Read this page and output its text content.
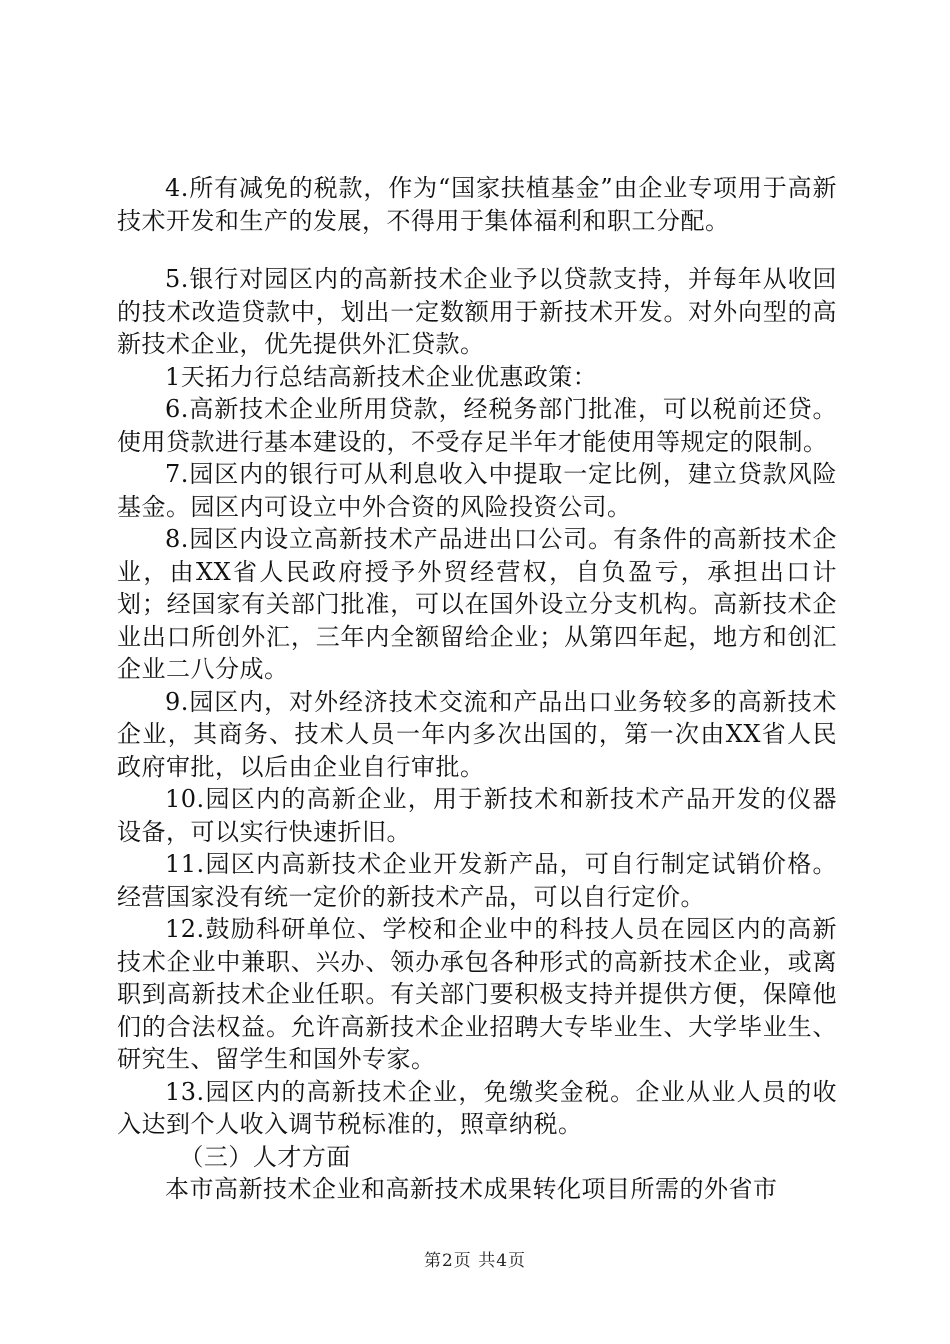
4.所有减免的税款，作为“国家扶植基金”由企业专项用于高新技术开发和生产的发展，不得用于集体福利和职工分配。

5.银行对园区内的高新技术企业予以贷款支持，并每年从收回的技术改造贷款中，划出一定数额用于新技术开发。对外向型的高新技术企业，优先提供外汇贷款。

1天拓力行总结高新技术企业优惠政策：

6.高新技术企业所用贷款，经税务部门批准，可以税前还贷。使用贷款进行基本建设的，不受存足半年才能使用等规定的限制。

7.园区内的银行可从利息收入中提取一定比例，建立贷款风险基金。园区内可设立中外合资的风险投资公司。

8.园区内设立高新技术产品进出口公司。有条件的高新技术企业，由XX省人民政府授予外贸经营权，自负盈亏，承担出口计划；经国家有关部门批准，可以在国外设立分支机构。高新技术企业出口所创外汇，三年内全额留给企业；从第四年起，地方和创汇企业二八分成。

9.园区内，对外经济技术交流和产品出口业务较多的高新技术企业，其商务、技术人员一年内多次出国的，第一次由XX省人民政府审批，以后由企业自行审批。

10.园区内的高新企业，用于新技术和新技术产品开发的仪器设备，可以实行快速折旧。

11.园区内高新技术企业开发新产品，可自行制定试销价格。经营国家没有统一定价的新技术产品，可以自行定价。

12.鼓励科研单位、学校和企业中的科技人员在园区内的高新技术企业中兼职、兴办、领办承包各种形式的高新技术企业，或离职到高新技术企业任职。有关部门要积极支持并提供方便，保障他们的合法权益。允许高新技术企业招聘大专毕业生、大学毕业生、研究生、留学生和国外专家。

13.园区内的高新技术企业，免缴奖金税。企业从业人员的收入达到个人收入调节税标准的，照章纳税。

（三）人才方面

本市高新技术企业和高新技术成果转化项目所需的外省市

第2页 共4页
